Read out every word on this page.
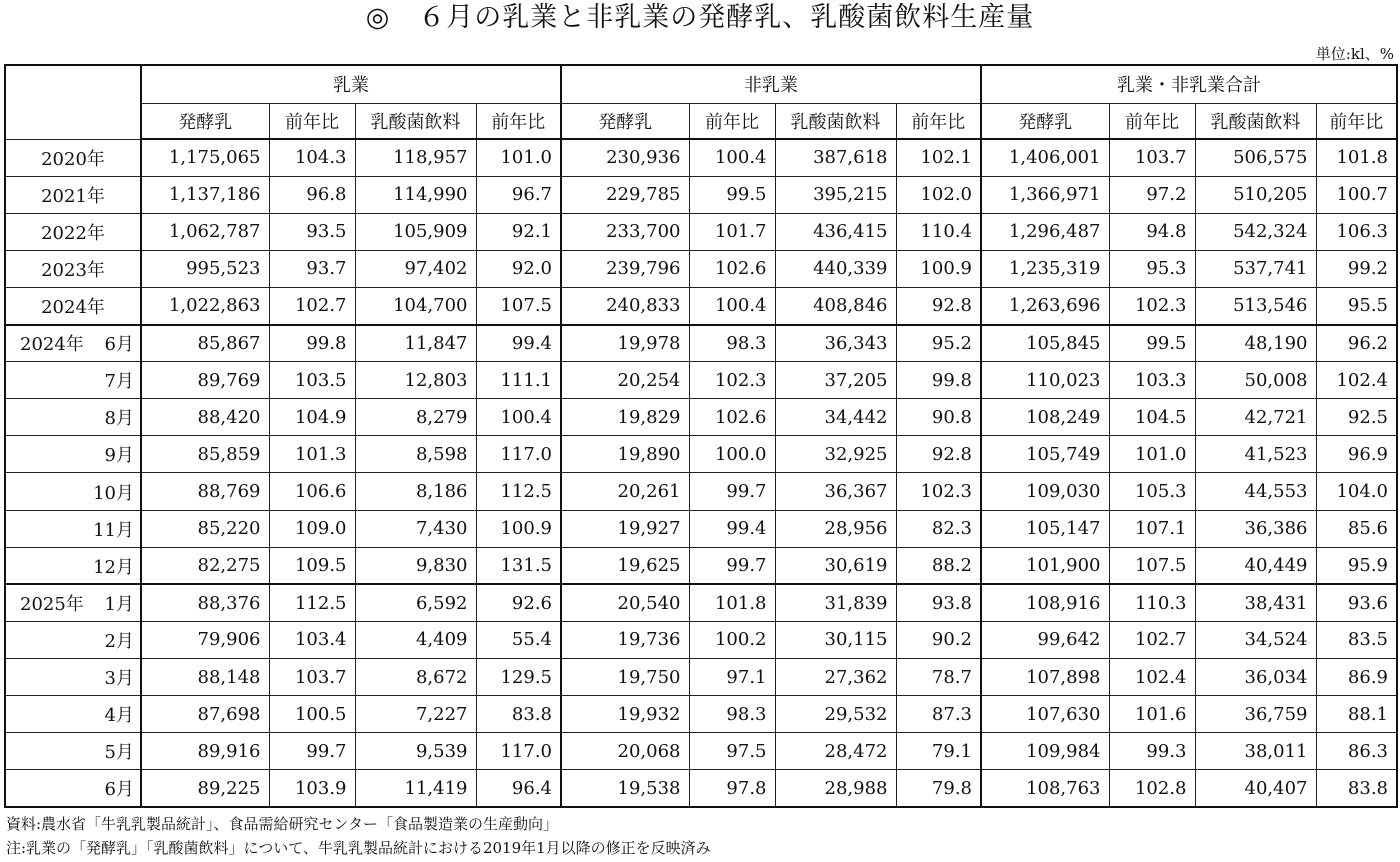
◎　６月の乳業と非乳業の発酵乳、乳酸菌飲料生産量
単位:kl、%
	乳業				非乳業				乳業・非乳業合計			
	発酵乳	前年比	乳酸菌飲料	前年比	発酵乳	前年比	乳酸菌飲料	前年比	発酵乳	前年比	乳酸菌飲料	前年比
2020年	1,175,065	104.3	118,957	101.0	230,936	100.4	387,618	102.1	1,406,001	103.7	506,575	101.8
2021年	1,137,186	96.8	114,990	96.7	229,785	99.5	395,215	102.0	1,366,971	97.2	510,205	100.7
2022年	1,062,787	93.5	105,909	92.1	233,700	101.7	436,415	110.4	1,296,487	94.8	542,324	106.3
2023年	995,523	93.7	97,402	92.0	239,796	102.6	440,339	100.9	1,235,319	95.3	537,741	99.2
2024年	1,022,863	102.7	104,700	107.5	240,833	100.4	408,846	92.8	1,263,696	102.3	513,546	95.5
2024年 6月	85,867	99.8	11,847	99.4	19,978	98.3	36,343	95.2	105,845	99.5	48,190	96.2
7月	89,769	103.5	12,803	111.1	20,254	102.3	37,205	99.8	110,023	103.3	50,008	102.4
8月	88,420	104.9	8,279	100.4	19,829	102.6	34,442	90.8	108,249	104.5	42,721	92.5
9月	85,859	101.3	8,598	117.0	19,890	100.0	32,925	92.8	105,749	101.0	41,523	96.9
10月	88,769	106.6	8,186	112.5	20,261	99.7	36,367	102.3	109,030	105.3	44,553	104.0
11月	85,220	109.0	7,430	100.9	19,927	99.4	28,956	82.3	105,147	107.1	36,386	85.6
12月	82,275	109.5	9,830	131.5	19,625	99.7	30,619	88.2	101,900	107.5	40,449	95.9
2025年 1月	88,376	112.5	6,592	92.6	20,540	101.8	31,839	93.8	108,916	110.3	38,431	93.6
2月	79,906	103.4	4,409	55.4	19,736	100.2	30,115	90.2	99,642	102.7	34,524	83.5
3月	88,148	103.7	8,672	129.5	19,750	97.1	27,362	78.7	107,898	102.4	36,034	86.9
4月	87,698	100.5	7,227	83.8	19,932	98.3	29,532	87.3	107,630	101.6	36,759	88.1
5月	89,916	99.7	9,539	117.0	20,068	97.5	28,472	79.1	109,984	99.3	38,011	86.3
6月	89,225	103.9	11,419	96.4	19,538	97.8	28,988	79.8	108,763	102.8	40,407	83.8
資料:農水省「牛乳乳製品統計」、食品需給研究センター「食品製造業の生産動向」
注:乳業の「発酵乳」「乳酸菌飲料」について、牛乳乳製品統計における2019年1月以降の修正を反映済み
